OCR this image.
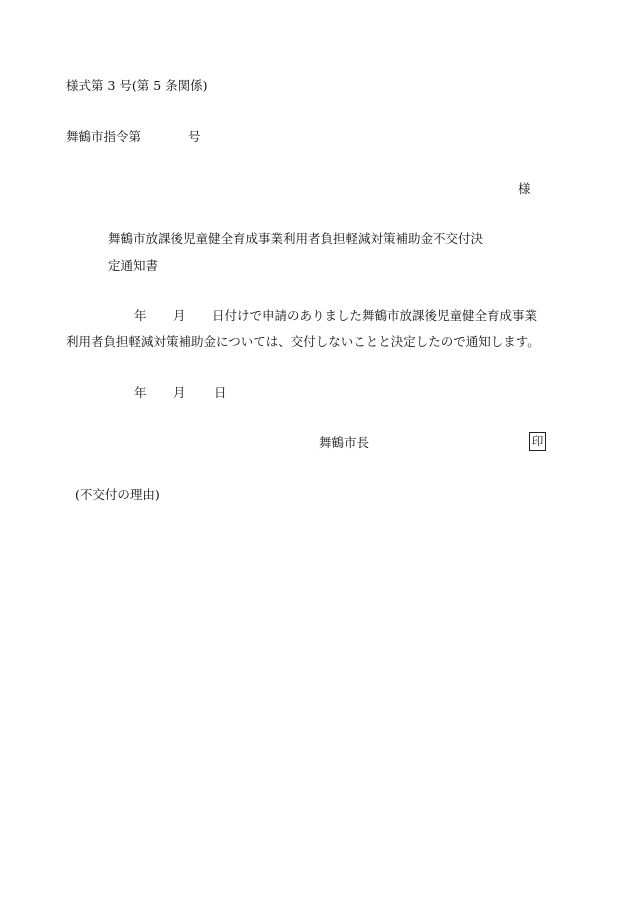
様式第 3 号(第 5 条関係)
舞鶴市指令第	号
様
舞鶴市放課後児童健全育成事業利用者負担軽減対策補助金不交付決
定通知書
年 月 日付けで申請のありました舞鶴市放課後児童健全育成事業
利用者負担軽減対策補助金については、交付しないことと決定したので通知します。
年 月 日
舞鶴市長	印
(不交付の理由)
